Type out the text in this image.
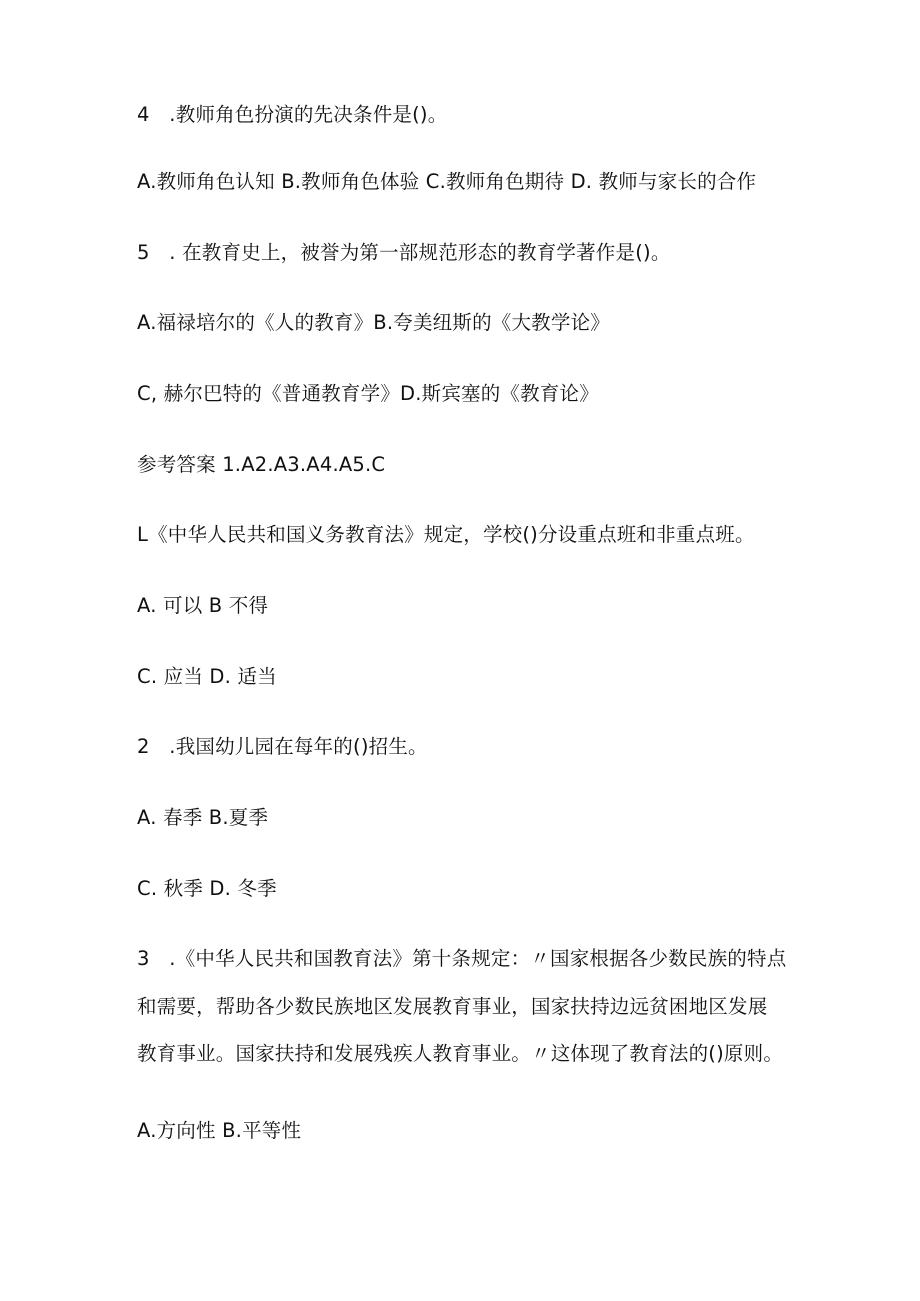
4　.教师角色扮演的先决条件是()。
A.教师角色认知 B.教师角色体验 C.教师角色期待 D. 教师与家长的合作
5　. 在教育史上，被誉为第一部规范形态的教育学著作是()。
A.福禄培尔的《人的教育》B.夸美纽斯的《大教学论》
C, 赫尔巴特的《普通教育学》D.斯宾塞的《教育论》
参考答案 1.A2.A3.A4.A5.C
L《中华人民共和国义务教育法》规定，学校()分设重点班和非重点班。
A. 可以 B 不得
C. 应当 D. 适当
2　.我国幼儿园在每年的()招生。
A. 春季 B.夏季
C. 秋季 D. 冬季
3　.《中华人民共和国教育法》第十条规定：〃国家根据各少数民族的特点
和需要，帮助各少数民族地区发展教育事业，国家扶持边远贫困地区发展
教育事业。国家扶持和发展残疾人教育事业。〃这体现了教育法的()原则。
A.方向性 B.平等性
